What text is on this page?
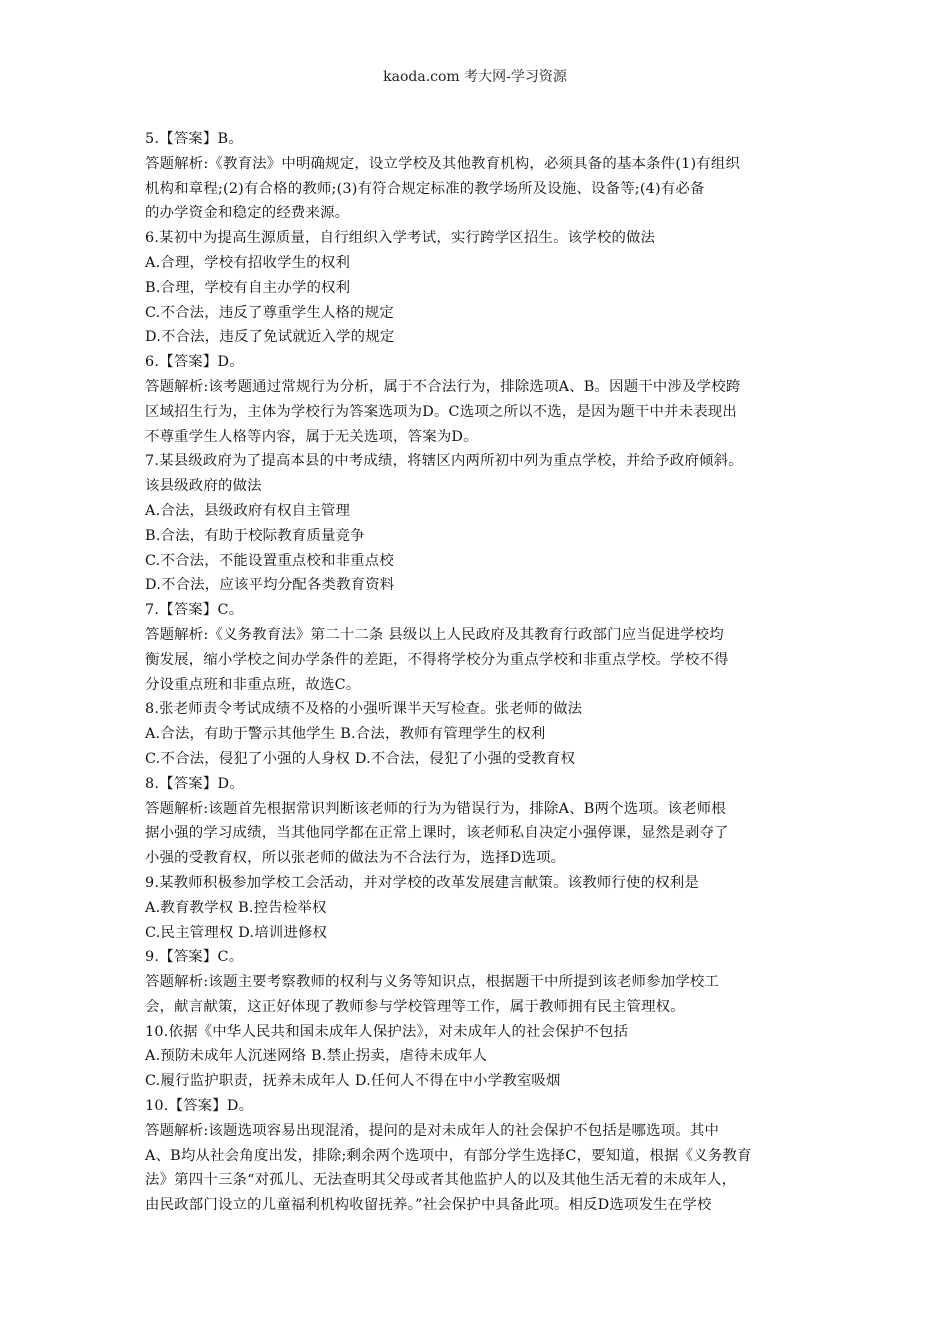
kaoda.com 考大网-学习资源
5.【答案】B。
答题解析:《教育法》中明确规定，设立学校及其他教育机构，必须具备的基本条件(1)有组织
机构和章程;(2)有合格的教师;(3)有符合规定标准的教学场所及设施、设备等;(4)有必备
的办学资金和稳定的经费来源。
6.某初中为提高生源质量，自行组织入学考试，实行跨学区招生。该学校的做法
A.合理，学校有招收学生的权利
B.合理，学校有自主办学的权利
C.不合法，违反了尊重学生人格的规定
D.不合法，违反了免试就近入学的规定
6.【答案】D。
答题解析:该考题通过常规行为分析，属于不合法行为，排除选项A、B。因题干中涉及学校跨
区域招生行为，主体为学校行为答案选项为D。C选项之所以不选，是因为题干中并未表现出
不尊重学生人格等内容，属于无关选项，答案为D。
7.某县级政府为了提高本县的中考成绩，将辖区内两所初中列为重点学校，并给予政府倾斜。
该县级政府的做法
A.合法，县级政府有权自主管理
B.合法，有助于校际教育质量竞争
C.不合法，不能设置重点校和非重点校
D.不合法，应该平均分配各类教育资料
7.【答案】C。
答题解析:《义务教育法》第二十二条 县级以上人民政府及其教育行政部门应当促进学校均
衡发展，缩小学校之间办学条件的差距，不得将学校分为重点学校和非重点学校。学校不得
分设重点班和非重点班，故选C。
8.张老师责令考试成绩不及格的小强听课半天写检查。张老师的做法
A.合法，有助于警示其他学生 B.合法，教师有管理学生的权利
C.不合法，侵犯了小强的人身权 D.不合法，侵犯了小强的受教育权
8.【答案】D。
答题解析:该题首先根据常识判断该老师的行为为错误行为，排除A、B两个选项。该老师根
据小强的学习成绩，当其他同学都在正常上课时，该老师私自决定小强停课，显然是剥夺了
小强的受教育权，所以张老师的做法为不合法行为，选择D选项。
9.某教师积极参加学校工会活动，并对学校的改革发展建言献策。该教师行使的权利是
A.教育教学权 B.控告检举权
C.民主管理权 D.培训进修权
9.【答案】C。
答题解析:该题主要考察教师的权利与义务等知识点，根据题干中所提到该老师参加学校工
会，献言献策，这正好体现了教师参与学校管理等工作，属于教师拥有民主管理权。
10.依据《中华人民共和国未成年人保护法》，对未成年人的社会保护不包括
A.预防未成年人沉迷网络 B.禁止拐卖，虐待未成年人
C.履行监护职责，抚养未成年人 D.任何人不得在中小学教室吸烟
10.【答案】D。
答题解析:该题选项容易出现混淆，提问的是对未成年人的社会保护不包括是哪选项。其中
A、B均从社会角度出发，排除;剩余两个选项中，有部分学生选择C，要知道，根据《义务教育
法》第四十三条“对孤儿、无法查明其父母或者其他监护人的以及其他生活无着的未成年人，
由民政部门设立的儿童福利机构收留抚养。”社会保护中具备此项。相反D选项发生在学校
